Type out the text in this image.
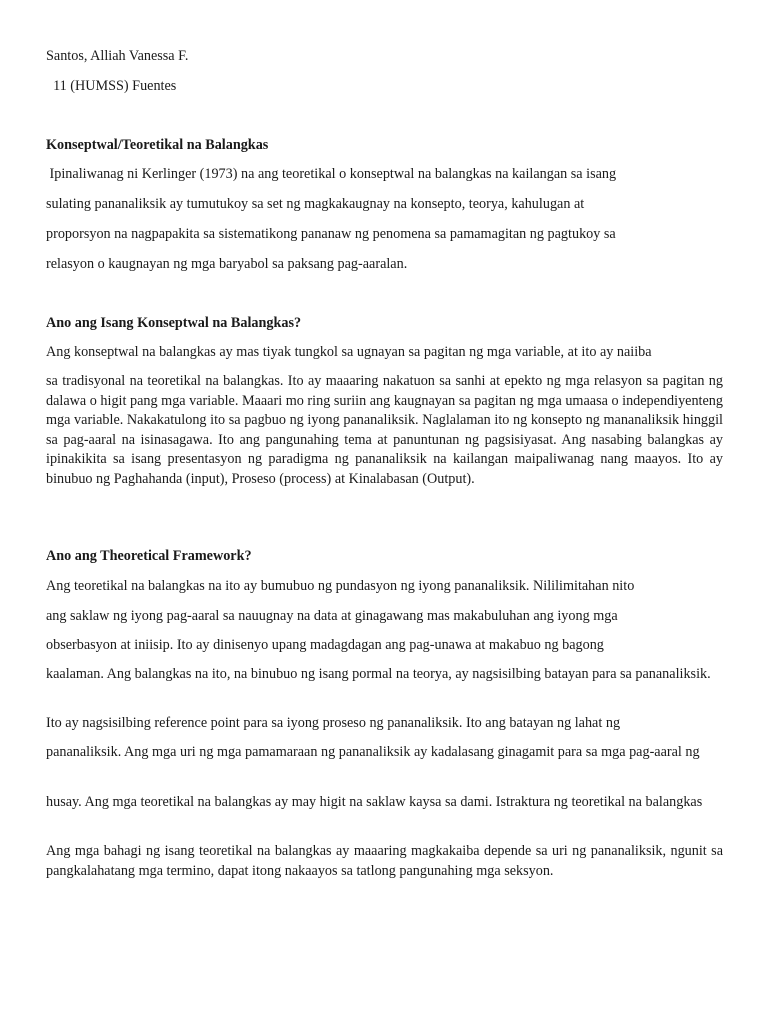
Santos, Alliah Vanessa F.
11 (HUMSS) Fuentes
Konseptwal/Teoretikal na Balangkas
Ipinaliwanag ni Kerlinger (1973) na ang teoretikal o konseptwal na balangkas na kailangan sa isang
sulating pananaliksik ay tumutukoy sa set ng magkakaugnay na konsepto, teorya, kahulugan at
proporsyon na nagpapakita sa sistematikong pananaw ng penomena sa pamamagitan ng pagtukoy sa
relasyon o kaugnayan ng mga baryabol sa paksang pag-aaralan.
Ano ang Isang Konseptwal na Balangkas?
Ang konseptwal na balangkas ay mas tiyak tungkol sa ugnayan sa pagitan ng mga variable, at ito ay naiiba
sa tradisyonal na teoretikal na balangkas. Ito ay maaaring nakatuon sa sanhi at epekto ng mga relasyon sa pagitan ng dalawa o higit pang mga variable. Maaari mo ring suriin ang kaugnayan sa pagitan ng mga umaasa o independiyenteng mga variable. Nakakatulong ito sa pagbuo ng iyong pananaliksik. Naglalaman ito ng konsepto ng mananaliksik hinggil sa pag-aaral na isinasagawa. Ito ang pangunahing tema at panuntunan ng pagsisiyasat. Ang nasabing balangkas ay ipinakikita sa isang presentasyon ng paradigma ng pananaliksik na kailangan maipaliwanag nang maayos. Ito ay binubuo ng Paghahanda (input), Proseso (process) at Kinalabasan (Output).
Ano ang Theoretical Framework?
Ang teoretikal na balangkas na ito ay bumubuo ng pundasyon ng iyong pananaliksik. Nililimitahan nito
ang saklaw ng iyong pag-aaral sa nauugnay na data at ginagawang mas makabuluhan ang iyong mga
obserbasyon at iniisip. Ito ay dinisenyo upang madagdagan ang pag-unawa at makabuo ng bagong
kaalaman. Ang balangkas na ito, na binubuo ng isang pormal na teorya, ay nagsisilbing batayan para sa pananaliksik.
Ito ay nagsisilbing reference point para sa iyong proseso ng pananaliksik. Ito ang batayan ng lahat ng
pananaliksik. Ang mga uri ng mga pamamaraan ng pananaliksik ay kadalasang ginagamit para sa mga pag-aaral ng
husay. Ang mga teoretikal na balangkas ay may higit na saklaw kaysa sa dami. Istraktura ng teoretikal na balangkas
Ang mga bahagi ng isang teoretikal na balangkas ay maaaring magkakaiba depende sa uri ng pananaliksik, ngunit sa pangkalahatang mga termino, dapat itong nakaayos sa tatlong pangunahing mga seksyon.
